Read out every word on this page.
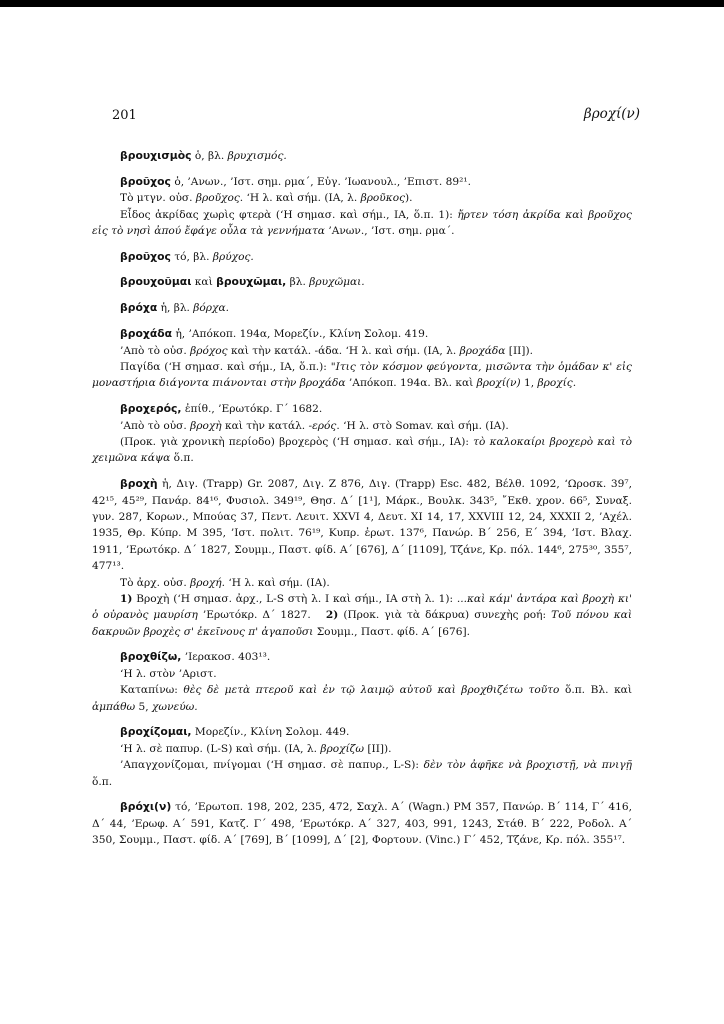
201	βροχί(ν)

βρουχισμὸς ὁ, βλ. βρυχισμός.

βροῦχος ὁ, ’Ανων., ’Ιστ. σημ. ρμα΄, Εὐγ. ’Ιωανουλ., ’Επιστ. 89²¹.

Τὸ μτγν. οὐσ. βροῦχος. ‘Η λ. καὶ σήμ. (ΙΑ, λ. βροῦκος).

Εἶδος ἀκρίδας χωρὶς φτερὰ (‘Η σημασ. καὶ σήμ., ΙΑ, ὅ.π. 1): ἤρτεν τόση ἀκρίδα καὶ βροῦχος εἰς τὸ νησὶ ἀπού ἔφάγε οὖλα τὰ γεννήματα ’Ανων., ’Ιστ. σημ. ρμα΄.

βροῦχος τό, βλ. βρύχος.

βρουχοῦμαι καὶ βρουχῶμαι, βλ. βρυχῶμαι.

βρόχα ἡ, βλ. βόρχα.

βροχάδα ἡ, ’Απόκοπ. 194α, Μορεζίν., Κλίνη Σολομ. 419.

’Απὸ τὸ οὐσ. βρόχος καὶ τὴν κατάλ. -άδα. ‘Η λ. καὶ σήμ. (ΙΑ, λ. βροχάδα [ΙΙ]).

Παγίδα (‘Η σημασ. καὶ σήμ., ΙΑ, ὅ.π.): "Ιτις τὸν κόσμον φεύγοντα, μισῶντα τὴν ὁμάδαν κ' εἰς μοναστήρια διάγοντα πιάνονται στὴν βροχάδα ’Απόκοπ. 194α. Βλ. καὶ βροχί(ν) 1, βροχίς.

βροχερός, ἐπίθ., ’Ερωτόκρ. Γ΄ 1682.

’Απὸ τὸ οὐσ. βροχὴ καὶ τὴν κατάλ. -ερός. ‘Η λ. στὸ Somav. καὶ σήμ. (ΙΑ).

(Προκ. γιὰ χρονικὴ περίοδο) βροχερὸς (‘Η σημασ. καὶ σήμ., ΙΑ): τὸ καλοκαίρι βροχερὸ καὶ τὸ χειμῶνα κάψα ὅ.π.

βροχὴ ἡ, Διγ. (Trapp) Gr. 2087, Διγ. Ζ 876, Διγ. (Trapp) Esc. 482, Βέλθ. 1092, ‘Ωροσκ. 39⁷, 42¹⁵, 45²⁹, Πανάρ. 84¹⁶, Φυσιολ. 349¹⁹, Θησ. Δ΄ [1¹], Μάρκ., Βουλκ. 343⁵, ῎Εκθ. χρον. 66⁵, Συναξ. γυν. 287, Κορων., Μπούας 37, Πεντ. Λευιτ. XXVI 4, Δευτ. XI 14, 17, XXVIII 12, 24, XXXII 2, ’Αχέλ. 1935, Θρ. Κύπρ. Μ 395, ’Ιστ. πολιτ. 76¹⁹, Κυπρ. ἐρωτ. 137⁶, Πανώρ. Β΄ 256, Ε΄ 394, ’Ιστ. Βλαχ. 1911, ’Ερωτόκρ. Δ΄ 1827, Σουμμ., Παστ. φίδ. Α΄ [676], Δ΄ [1109], Τζάνε, Κρ. πόλ. 144⁶, 275³⁰, 355⁷, 477¹³.

Τὸ ἀρχ. οὐσ. βροχή. ‘Η λ. καὶ σήμ. (ΙΑ).

1) Βροχὴ (‘Η σημασ. ἀρχ., L-S στὴ λ. Ι καὶ σήμ., ΙΑ στὴ λ. 1): ...καὶ κάμ' ἀντάρα καὶ βροχὴ κι' ὁ οὐρανὸς μαυρίση ’Ερωτόκρ. Δ΄ 1827. 2) (Προκ. γιὰ τὰ δάκρυα) συνεχὴς ροή: Τοῦ πόνου καὶ δακρυῶν βροχὲς σ' ἐκεῖνους π' ἀγαποῦσι Σουμμ., Παστ. φίδ. Α΄ [676].

βροχθίζω, ’Ιερακοσ. 403¹³.

‘Η λ. στὸν ’Αριστ.

Καταπίνω: θὲς δὲ μετὰ πτεροῦ καὶ ἐν τῷ λαιμῷ αὐτοῦ καὶ βροχθιζέτω τοῦτο ὅ.π. Βλ. καὶ ἀμπάθω 5, χωνεύω.

βροχίζομαι, Μορεζίν., Κλίνη Σολομ. 449.

‘Η λ. σὲ παπυρ. (L-S) καὶ σήμ. (ΙΑ, λ. βροχίζω [ΙΙ]).

’Απαγχονίζομαι, πνίγομαι (‘Η σημασ. σὲ παπυρ., L-S): δὲν τὸν ἀφῆκε νὰ βροχιστῇ, νὰ πνιγῇ ὅ.π.

βρόχι(ν) τό, ’Ερωτοπ. 198, 202, 235, 472, Σαχλ. Α΄ (Wagn.) PM 357, Πανώρ. Β΄ 114, Γ΄ 416, Δ΄ 44, ’Ερωφ. Α΄ 591, Κατζ. Γ΄ 498, ’Ερωτόκρ. Α΄ 327, 403, 991, 1243, Στάθ. Β΄ 222, Ροδολ. Α΄ 350, Σουμμ., Παστ. φίδ. Α΄ [769], Β΄ [1099], Δ΄ [2], Φορτουν. (Vinc.) Γ΄ 452, Τζάνε, Κρ. πόλ. 355¹⁷.
